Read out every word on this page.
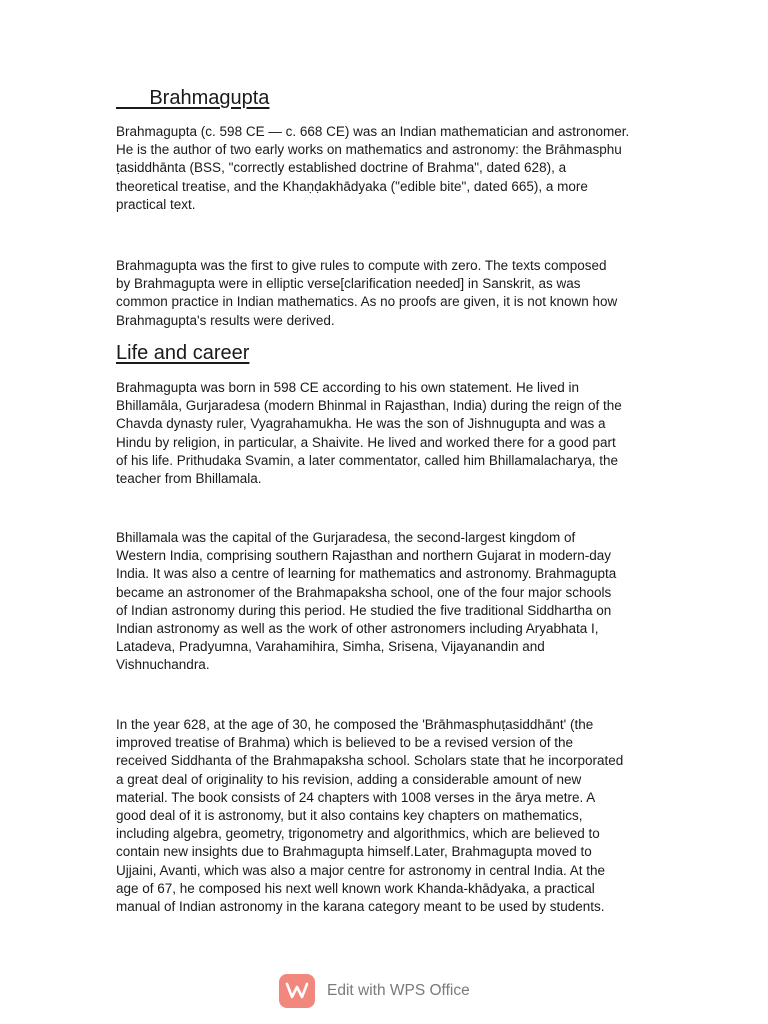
Brahmagupta

Brahmagupta (c. 598 CE — c. 668 CE) was an Indian mathematician and astronomer.
He is the author of two early works on mathematics and astronomy: the Brāhmasphu
ṭasiddhānta (BSS, "correctly established doctrine of Brahma", dated 628), a
theoretical treatise, and the Khaṇḍakhādyaka ("edible bite", dated 665), a more
practical text.

Brahmagupta was the first to give rules to compute with zero. The texts composed
by Brahmagupta were in elliptic verse[clarification needed] in Sanskrit, as was
common practice in Indian mathematics. As no proofs are given, it is not known how
Brahmagupta's results were derived.

Life and career

Brahmagupta was born in 598 CE according to his own statement. He lived in
Bhillamāla, Gurjaradesa (modern Bhinmal in Rajasthan, India) during the reign of the
Chavda dynasty ruler, Vyagrahamukha. He was the son of Jishnugupta and was a
Hindu by religion, in particular, a Shaivite. He lived and worked there for a good part
of his life. Prithudaka Svamin, a later commentator, called him Bhillamalacharya, the
teacher from Bhillamala.

Bhillamala was the capital of the Gurjaradesa, the second-largest kingdom of
Western India, comprising southern Rajasthan and northern Gujarat in modern-day
India. It was also a centre of learning for mathematics and astronomy. Brahmagupta
became an astronomer of the Brahmapaksha school, one of the four major schools
of Indian astronomy during this period. He studied the five traditional Siddhartha on
Indian astronomy as well as the work of other astronomers including Aryabhata I,
Latadeva, Pradyumna, Varahamihira, Simha, Srisena, Vijayanandin and
Vishnuchandra.

In the year 628, at the age of 30, he composed the 'Brāhmasphuṭasiddhānt' (the
improved treatise of Brahma) which is believed to be a revised version of the
received Siddhanta of the Brahmapaksha school. Scholars state that he incorporated
a great deal of originality to his revision, adding a considerable amount of new
material. The book consists of 24 chapters with 1008 verses in the ārya metre. A
good deal of it is astronomy, but it also contains key chapters on mathematics,
including algebra, geometry, trigonometry and algorithmics, which are believed to
contain new insights due to Brahmagupta himself.Later, Brahmagupta moved to
Ujjaini, Avanti, which was also a major centre for astronomy in central India. At the
age of 67, he composed his next well known work Khanda-khādyaka, a practical
manual of Indian astronomy in the karana category meant to be used by students.

Edit with WPS Office
